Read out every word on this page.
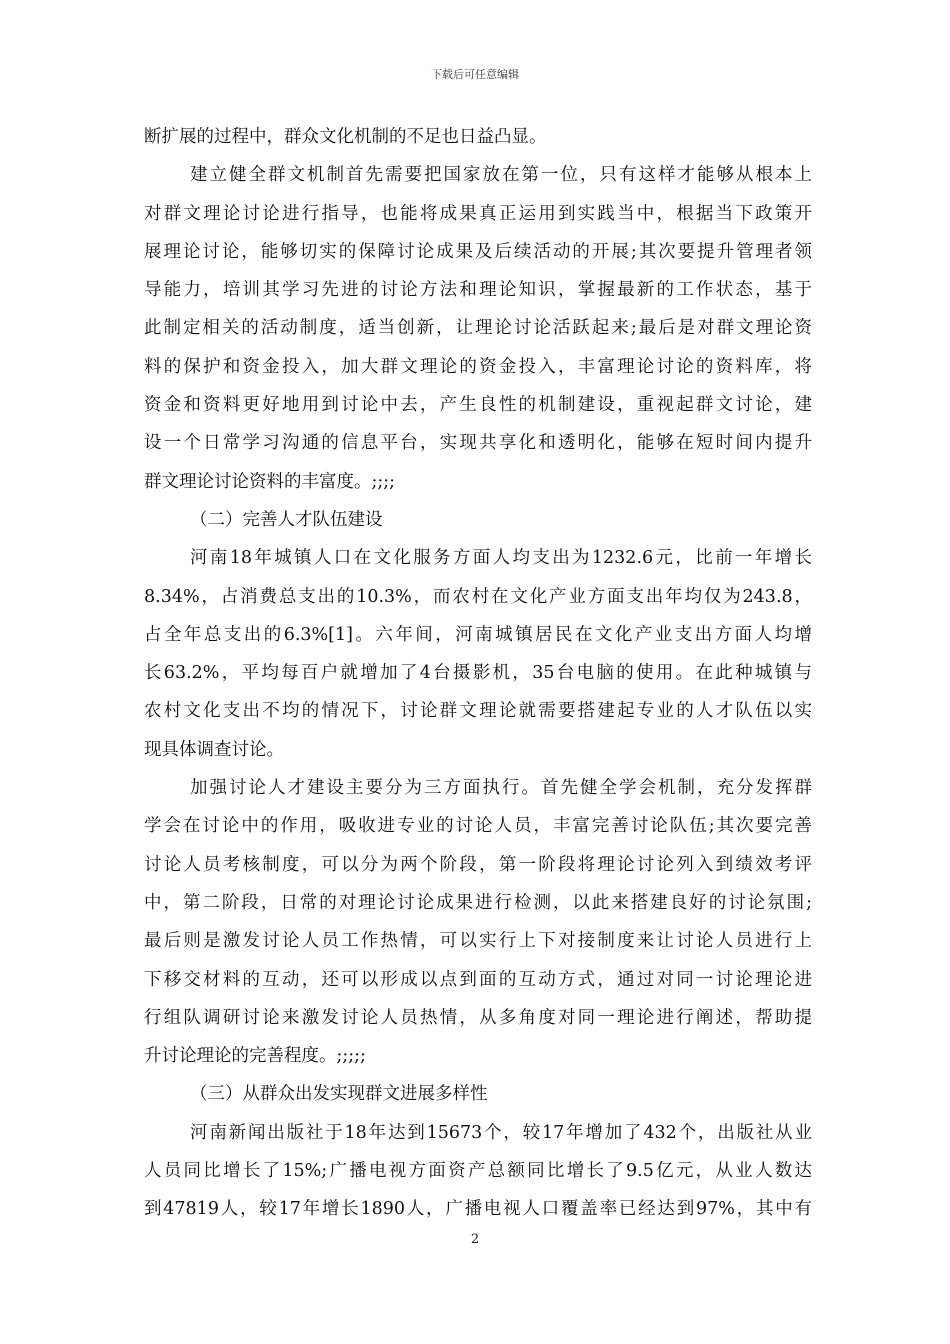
下载后可任意编辑
断扩展的过程中，群众文化机制的不足也日益凸显。
建立健全群文机制首先需要把国家放在第一位，只有这样才能够从根本上
对群文理论讨论进行指导，也能将成果真正运用到实践当中，根据当下政策开
展理论讨论，能够切实的保障讨论成果及后续活动的开展;其次要提升管理者领
导能力，培训其学习先进的讨论方法和理论知识，掌握最新的工作状态，基于
此制定相关的活动制度，适当创新，让理论讨论活跃起来;最后是对群文理论资
料的保护和资金投入，加大群文理论的资金投入，丰富理论讨论的资料库，将
资金和资料更好地用到讨论中去，产生良性的机制建设，重视起群文讨论，建
设一个日常学习沟通的信息平台，实现共享化和透明化，能够在短时间内提升
群文理论讨论资料的丰富度。;;;;
（二）完善人才队伍建设
河南18年城镇人口在文化服务方面人均支出为1232.6元，比前一年增长
8.34%，占消费总支出的10.3%，而农村在文化产业方面支出年均仅为243.8，
占全年总支出的6.3%[1]。六年间，河南城镇居民在文化产业支出方面人均增
长63.2%，平均每百户就增加了4台摄影机，35台电脑的使用。在此种城镇与
农村文化支出不均的情况下，讨论群文理论就需要搭建起专业的人才队伍以实
现具体调查讨论。
加强讨论人才建设主要分为三方面执行。首先健全学会机制，充分发挥群
学会在讨论中的作用，吸收进专业的讨论人员，丰富完善讨论队伍;其次要完善
讨论人员考核制度，可以分为两个阶段，第一阶段将理论讨论列入到绩效考评
中，第二阶段，日常的对理论讨论成果进行检测，以此来搭建良好的讨论氛围;
最后则是激发讨论人员工作热情，可以实行上下对接制度来让讨论人员进行上
下移交材料的互动，还可以形成以点到面的互动方式，通过对同一讨论理论进
行组队调研讨论来激发讨论人员热情，从多角度对同一理论进行阐述，帮助提
升讨论理论的完善程度。;;;;;
（三）从群众出发实现群文进展多样性
河南新闻出版社于18年达到15673个，较17年增加了432个，出版社从业
人员同比增长了15%;广播电视方面资产总额同比增长了9.5亿元，从业人数达
到47819人，较17年增长1890人，广播电视人口覆盖率已经达到97%，其中有
2
